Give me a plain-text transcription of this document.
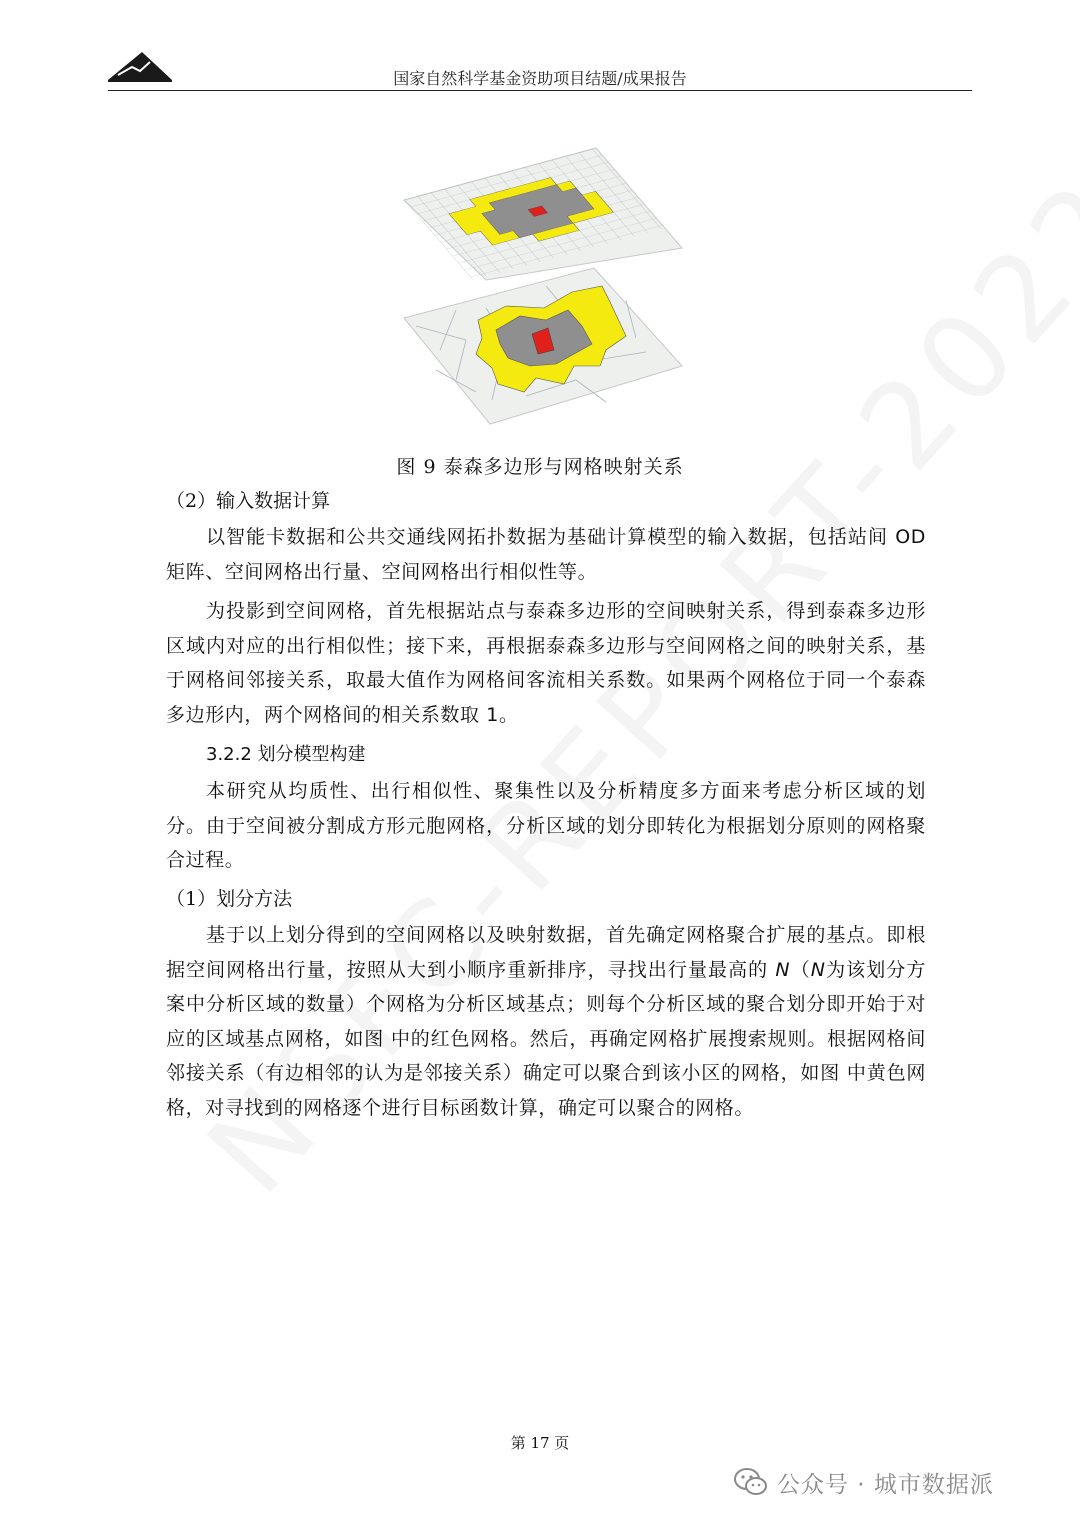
国家自然科学基金资助项目结题/成果报告
图 9 泰森多边形与网格映射关系
（2）输入数据计算
以智能卡数据和公共交通线网拓扑数据为基础计算模型的输入数据，包括站间 OD 矩阵、空间网格出行量、空间网格出行相似性等。
为投影到空间网格，首先根据站点与泰森多边形的空间映射关系，得到泰森多边形区域内对应的出行相似性；接下来，再根据泰森多边形与空间网格之间的映射关系，基于网格间邻接关系，取最大值作为网格间客流相关系数。如果两个网格位于同一个泰森多边形内，两个网格间的相关系数取 1。
3.2.2 划分模型构建
本研究从均质性、出行相似性、聚集性以及分析精度多方面来考虑分析区域的划分。由于空间被分割成方形元胞网格，分析区域的划分即转化为根据划分原则的网格聚合过程。
（1）划分方法
基于以上划分得到的空间网格以及映射数据，首先确定网格聚合扩展的基点。即根据空间网格出行量，按照从大到小顺序重新排序，寻找出行量最高的 N（N为该划分方案中分析区域的数量）个网格为分析区域基点；则每个分析区域的聚合划分即开始于对应的区域基点网格，如图 中的红色网格。然后，再确定网格扩展搜索规则。根据网格间邻接关系（有边相邻的认为是邻接关系）确定可以聚合到该小区的网格，如图 中黄色网格，对寻找到的网格逐个进行目标函数计算，确定可以聚合的网格。
第 17 页
公众号 · 城市数据派
